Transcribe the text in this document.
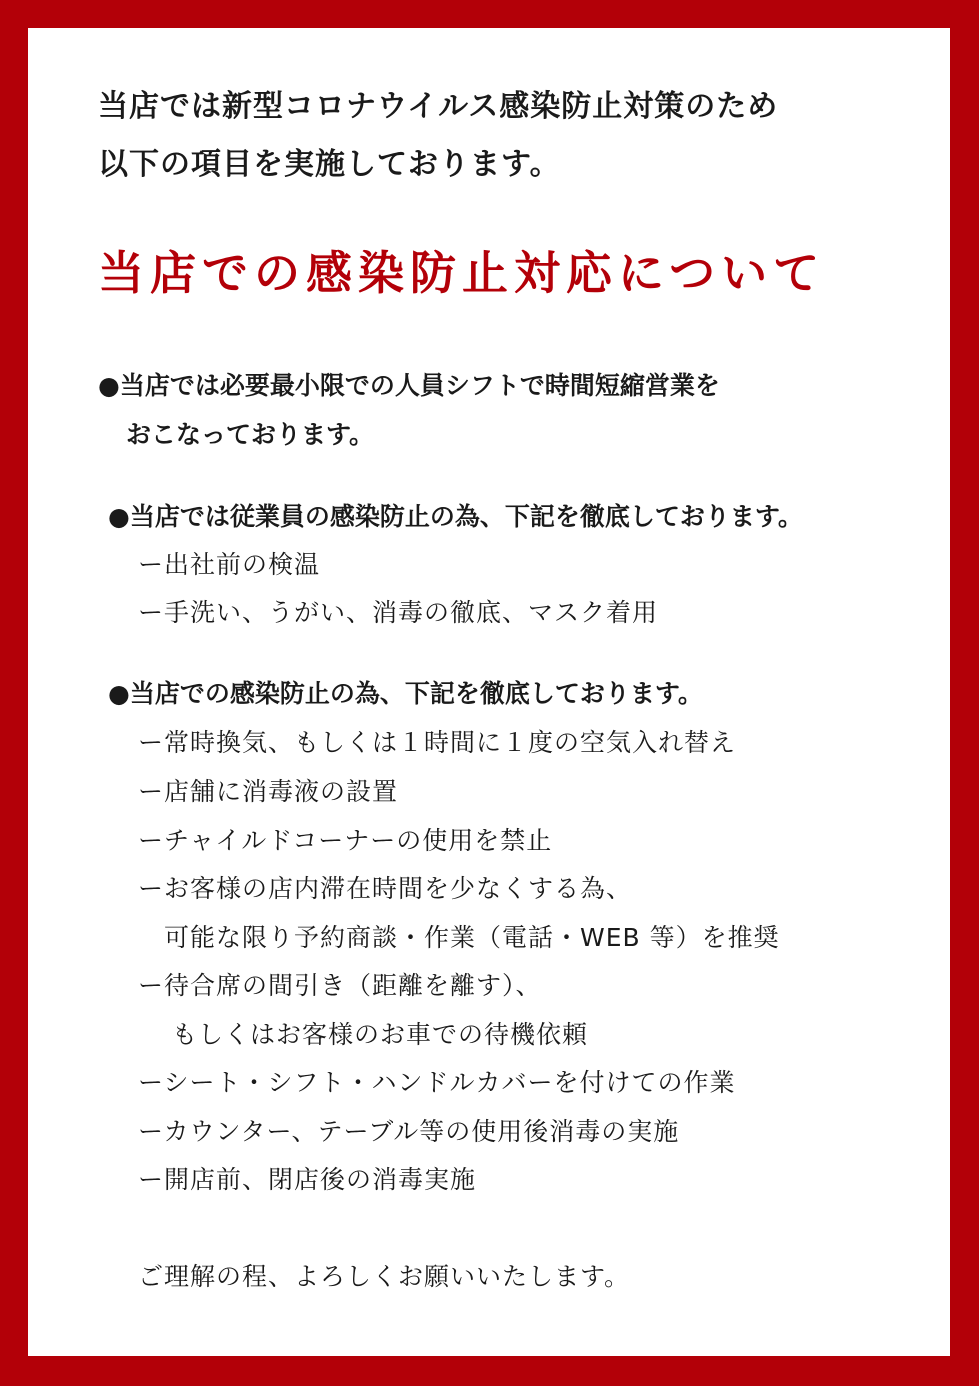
当店では新型コロナウイルス感染防止対策のため
以下の項目を実施しております。
当店での感染防止対応について
●当店では必要最小限での人員シフトで時間短縮営業を
おこなっております。
●当店では従業員の感染防止の為、下記を徹底しております。
ー出社前の検温
ー手洗い、うがい、消毒の徹底、マスク着用
●当店での感染防止の為、下記を徹底しております。
ー常時換気、もしくは１時間に１度の空気入れ替え
ー店舗に消毒液の設置
ーチャイルドコーナーの使用を禁止
ーお客様の店内滞在時間を少なくする為、
可能な限り予約商談・作業（電話・WEB 等）を推奨
ー待合席の間引き（距離を離す）、
もしくはお客様のお車での待機依頼
ーシート・シフト・ハンドルカバーを付けての作業
ーカウンター、テーブル等の使用後消毒の実施
ー開店前、閉店後の消毒実施
ご理解の程、よろしくお願いいたします。
